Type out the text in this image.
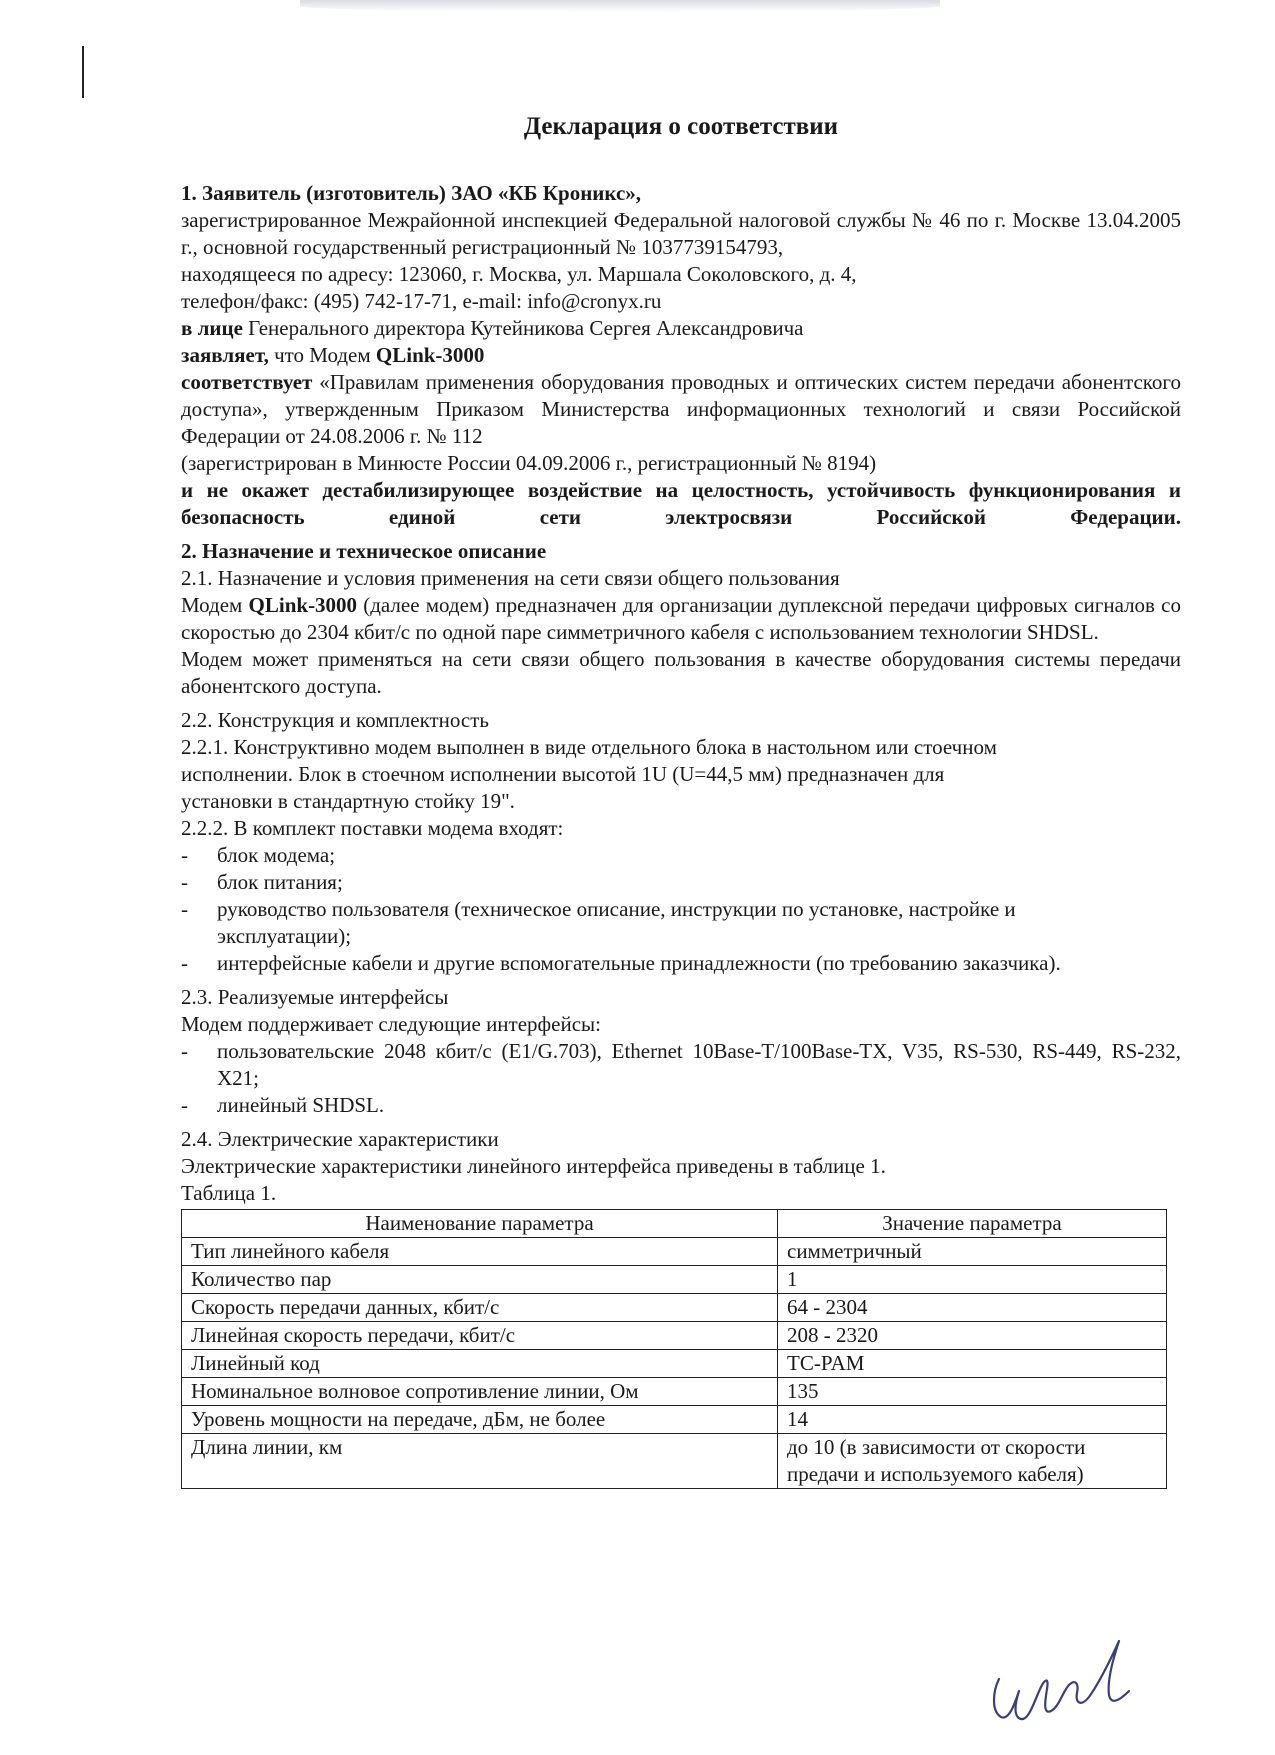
Декларация о соответствии

1. Заявитель (изготовитель) ЗАО «КБ Кроникс»,

зарегистрированное Межрайонной инспекцией Федеральной налоговой службы № 46 по г. Москве 13.04.2005 г., основной государственный регистрационный № 1037739154793,

находящееся по адресу: 123060, г. Москва, ул. Маршала Соколовского, д. 4,

телефон/факс: (495) 742-17-71, e-mail: info@cronyx.ru

в лице Генерального директора Кутейникова Сергея Александровича

заявляет, что Модем QLink-3000

соответствует «Правилам применения оборудования проводных и оптических систем передачи абонентского доступа», утвержденным Приказом Министерства информационных технологий и связи Российской Федерации от 24.08.2006 г. № 112

(зарегистрирован в Минюсте России 04.09.2006 г., регистрационный № 8194)

и не окажет дестабилизирующее воздействие на целостность, устойчивость функционирования и безопасность единой сети электросвязи Российской Федерации.

2. Назначение и техническое описание

2.1. Назначение и условия применения на сети связи общего пользования

Модем QLink-3000 (далее модем) предназначен для организации дуплексной передачи цифровых сигналов со скоростью до 2304 кбит/с по одной паре симметричного кабеля с использованием технологии SHDSL.

Модем может применяться на сети связи общего пользования в качестве оборудования системы передачи абонентского доступа.

2.2. Конструкция и комплектность

2.2.1. Конструктивно модем выполнен в виде отдельного блока в настольном или стоечном

исполнении. Блок в стоечном исполнении высотой 1U (U=44,5 мм) предназначен для

установки в стандартную стойку 19".

2.2.2. В комплект поставки модема входят:

- блок модема;
- блок питания;
- руководство пользователя (техническое описание, инструкции по установке, настройке и эксплуатации);
- интерфейсные кабели и другие вспомогательные принадлежности (по требованию заказчика).

2.3. Реализуемые интерфейсы

Модем поддерживает следующие интерфейсы:

- пользовательские 2048 кбит/с (E1/G.703), Ethernet 10Base-T/100Base-TX, V35, RS-530, RS-449, RS-232, X21;
- линейный SHDSL.

2.4. Электрические характеристики

Электрические характеристики линейного интерфейса приведены в таблице 1.

Таблица 1.

Наименование параметра	Значение параметра
Тип линейного кабеля	симметричный
Количество пар	1
Скорость передачи данных, кбит/с	64 - 2304
Линейная скорость передачи, кбит/с	208 - 2320
Линейный код	TC-PAM
Номинальное волновое сопротивление линии, Ом	135
Уровень мощности на передаче, дБм, не более	14
Длина линии, км	до 10 (в зависимости от скорости предачи и используемого кабеля)
